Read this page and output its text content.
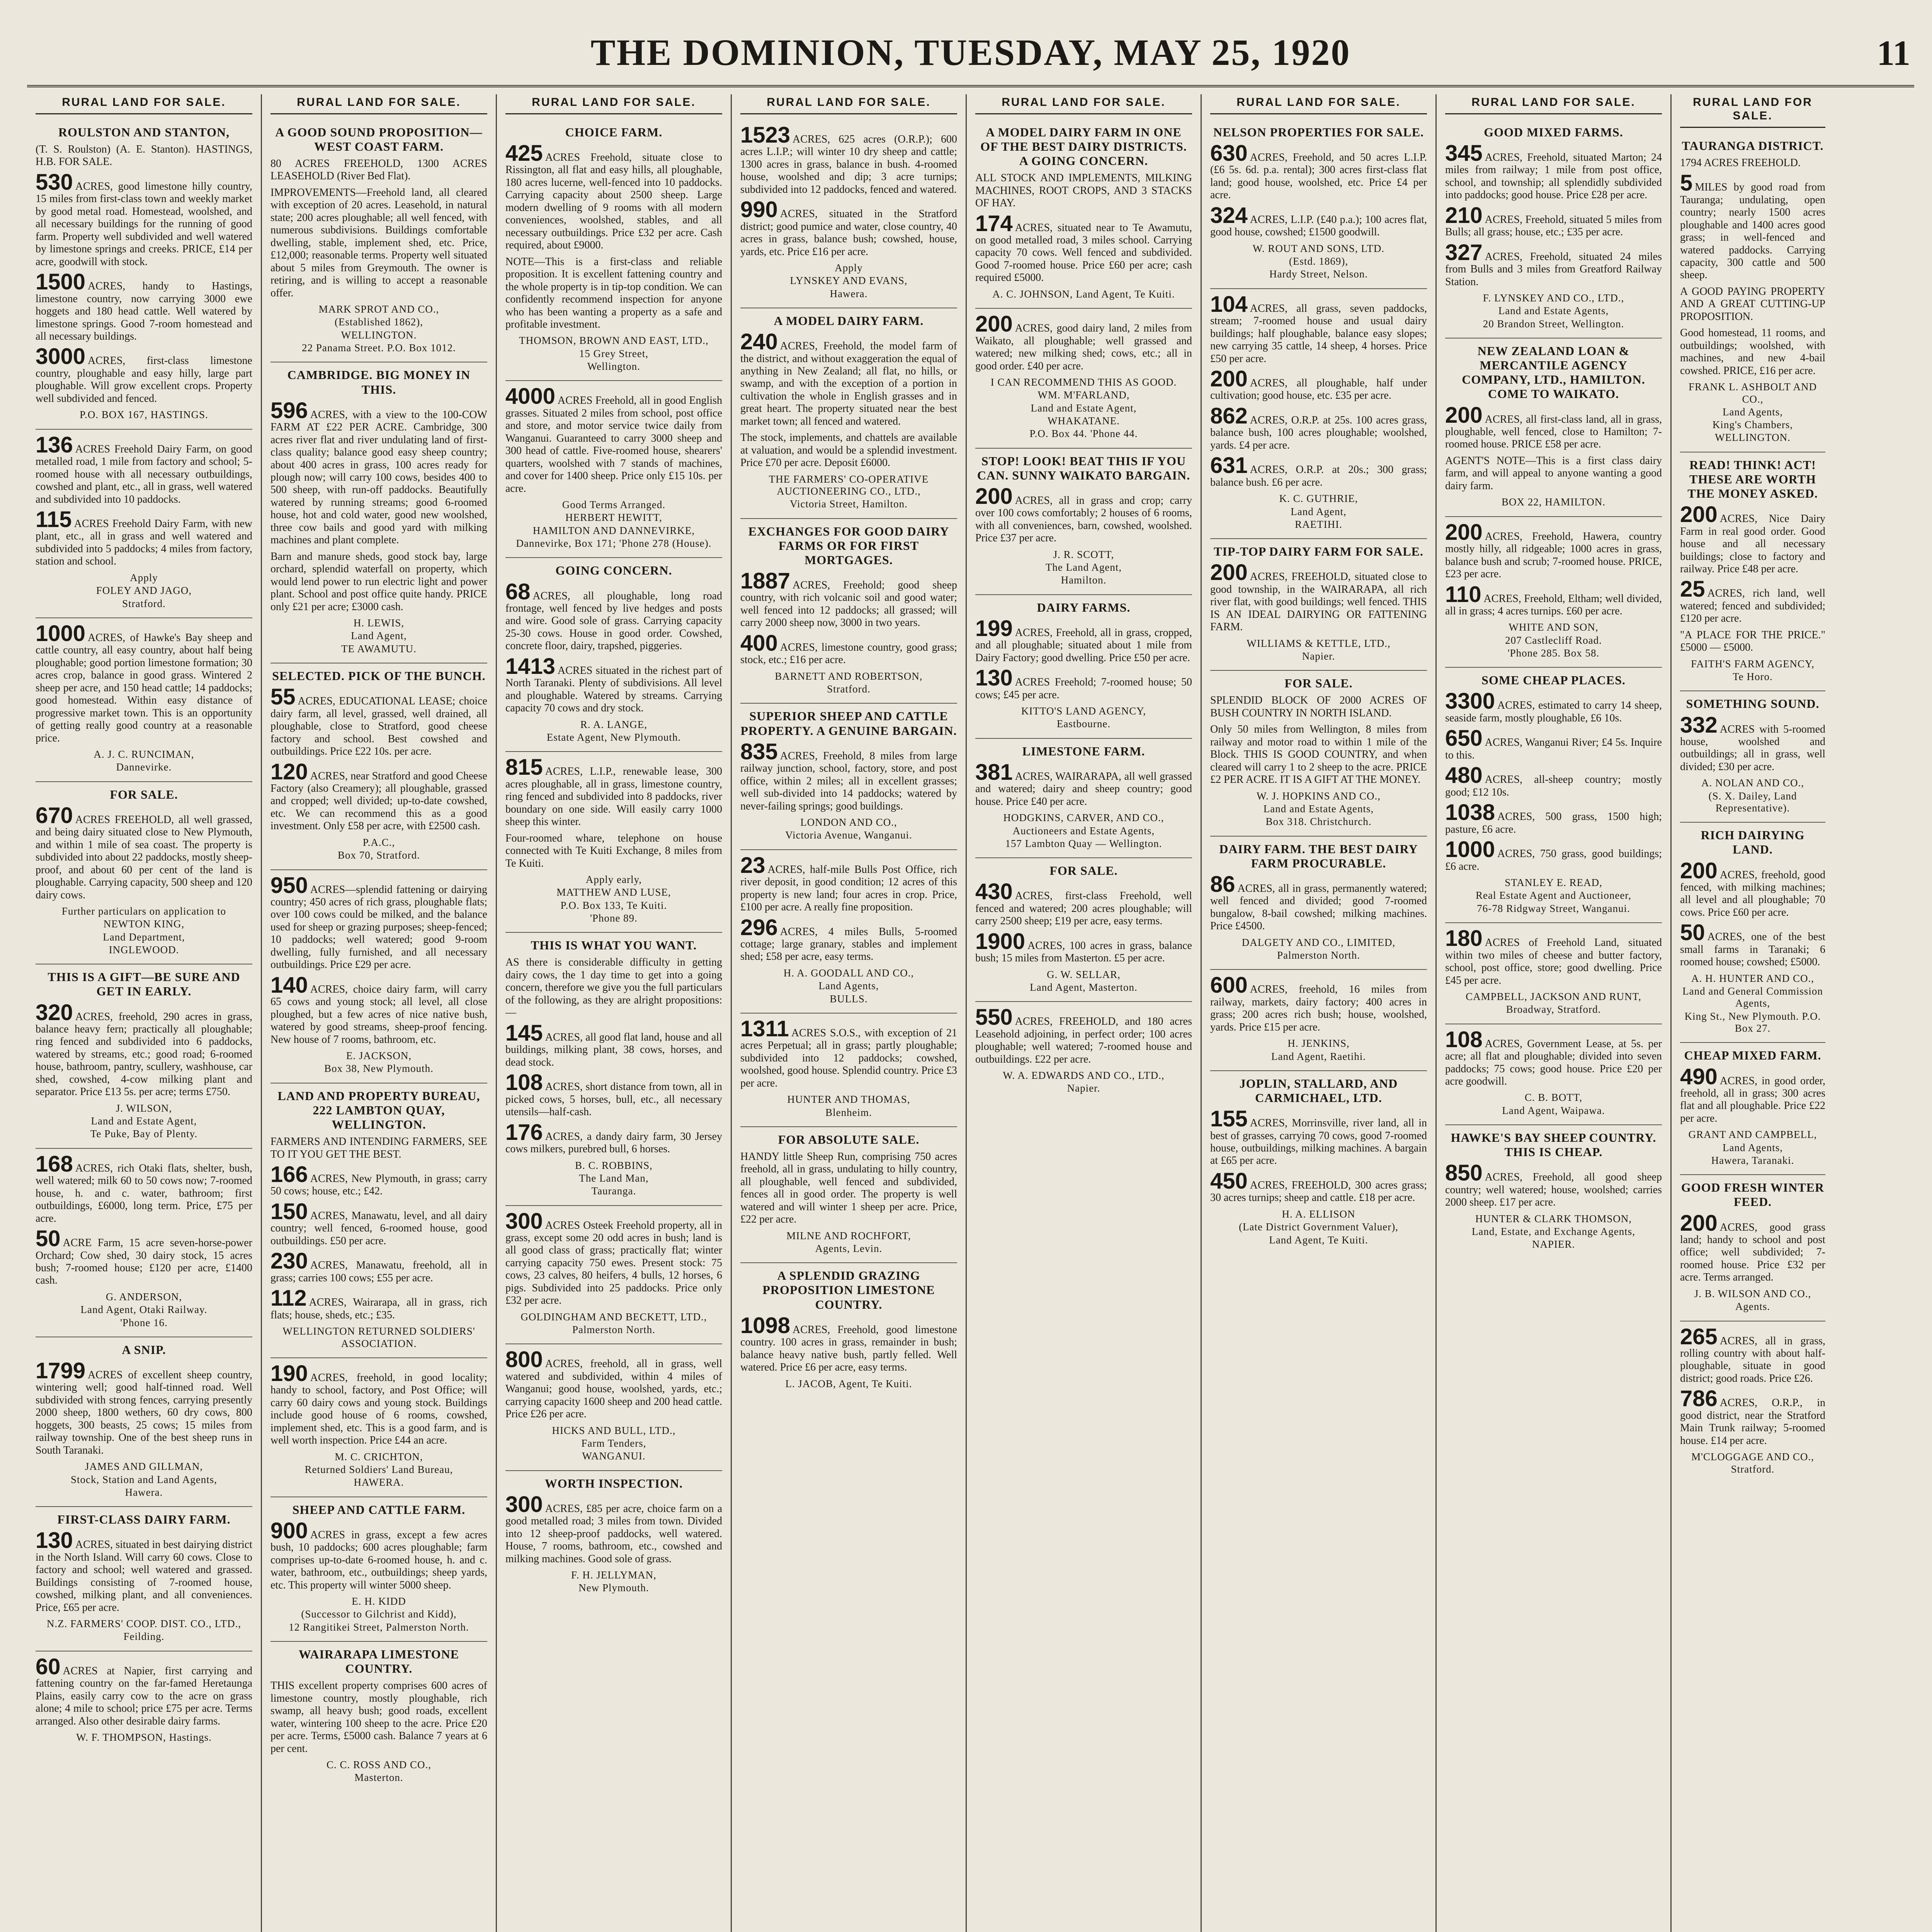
THE DOMINION, TUESDAY, MAY 25, 1920	11
RURAL LAND FOR SALE.
ROULSTON AND STANTON,

(T. S. Roulston) (A. E. Stanton). HASTINGS, H.B. FOR SALE.

530 ACRES, good limestone hilly country, 15 miles from first-class town and weekly market by good metal road. Homestead, woolshed, and all necessary buildings for the running of good farm. Property well subdivided and well watered by limestone springs and creeks. PRICE, £14 per acre, goodwill with stock.

1500 ACRES, handy to Hastings, limestone country, now carrying 3000 ewe hoggets and 180 head cattle. Well watered by limestone springs. Good 7-room homestead and all necessary buildings.

3000 ACRES, first-class limestone country, ploughable and easy hilly, large part ploughable. Will grow excellent crops. Property well subdivided and fenced.

P.O. BOX 167, HASTINGS.

136 ACRES Freehold Dairy Farm, on good metalled road, 1 mile from factory and school; 5-roomed house with all necessary outbuildings, cowshed and plant, etc., all in grass, well watered and subdivided into 10 paddocks.

115 ACRES Freehold Dairy Farm, with new plant, etc., all in grass and well watered and subdivided into 5 paddocks; 4 miles from factory, station and school.

Apply
FOLEY AND JAGO,
Stratford.

1000 ACRES, of Hawke's Bay sheep and cattle country, all easy country, about half being ploughable; good portion limestone formation; 30 acres crop, balance in good grass. Wintered 2 sheep per acre, and 150 head cattle; 14 paddocks; good homestead. Within easy distance of progressive market town. This is an opportunity of getting really good country at a reasonable price.

A. J. C. RUNCIMAN,
Dannevirke.
FOR SALE.

670 ACRES FREEHOLD, all well grassed, and being dairy situated close to New Plymouth, and within 1 mile of sea coast. The property is subdivided into about 22 paddocks, mostly sheep-proof, and about 60 per cent of the land is ploughable. Carrying capacity, 500 sheep and 120 dairy cows.

Further particulars on application to
NEWTON KING,
Land Department,
INGLEWOOD.
THIS IS A GIFT—BE SURE AND GET IN EARLY.

320 ACRES, freehold, 290 acres in grass, balance heavy fern; practically all ploughable; ring fenced and subdivided into 6 paddocks, watered by streams, etc.; good road; 6-roomed house, bathroom, pantry, scullery, washhouse, car shed, cowshed, 4-cow milking plant and separator. Price £13 5s. per acre; terms £750.

J. WILSON,
Land and Estate Agent,
Te Puke, Bay of Plenty.

168 ACRES, rich Otaki flats, shelter, bush, well watered; milk 60 to 50 cows now; 7-roomed house, h. and c. water, bathroom; first outbuildings, £6000, long term. Price, £75 per acre.

50 ACRE Farm, 15 acre seven-horse-power Orchard; Cow shed, 30 dairy stock, 15 acres bush; 7-roomed house; £120 per acre, £1400 cash.

G. ANDERSON,
Land Agent, Otaki Railway.
'Phone 16.
A SNIP.

1799 ACRES of excellent sheep country, wintering well; good half-tinned road. Well subdivided with strong fences, carrying presently 2000 sheep, 1800 wethers, 60 dry cows, 800 hoggets, 300 beasts, 25 cows; 15 miles from railway township. One of the best sheep runs in South Taranaki.

JAMES AND GILLMAN,
Stock, Station and Land Agents,
Hawera.
FIRST-CLASS DAIRY FARM.

130 ACRES, situated in best dairying district in the North Island. Will carry 60 cows. Close to factory and school; well watered and grassed. Buildings consisting of 7-roomed house, cowshed, milking plant, and all conveniences. Price, £65 per acre.

N.Z. FARMERS' COOP. DIST. CO., LTD.,
Feilding.

60 ACRES at Napier, first carrying and fattening country on the far-famed Heretaunga Plains, easily carry cow to the acre on grass alone; 4 mile to school; price £75 per acre. Terms arranged. Also other desirable dairy farms.

W. F. THOMPSON, Hastings.
RURAL LAND FOR SALE.
A GOOD SOUND PROPOSITION—WEST COAST FARM.

80 ACRES FREEHOLD, 1300 ACRES LEASEHOLD (River Bed Flat).

IMPROVEMENTS—Freehold land, all cleared with exception of 20 acres. Leasehold, in natural state; 200 acres ploughable; all well fenced, with numerous subdivisions. Buildings comfortable dwelling, stable, implement shed, etc. Price, £12,000; reasonable terms. Property well situated about 5 miles from Greymouth. The owner is retiring, and is willing to accept a reasonable offer.

MARK SPROT AND CO.,
(Established 1862),
WELLINGTON.
22 Panama Street. P.O. Box 1012.
CAMBRIDGE. BIG MONEY IN THIS.

596 ACRES, with a view to the 100-COW FARM AT £22 PER ACRE. Cambridge, 300 acres river flat and river undulating land of first-class quality; balance good easy sheep country; about 400 acres in grass, 100 acres ready for plough now; will carry 100 cows, besides 400 to 500 sheep, with run-off paddocks. Beautifully watered by running streams; good 6-roomed house, hot and cold water, good new woolshed, three cow bails and good yard with milking machines and plant complete.

Barn and manure sheds, good stock bay, large orchard, splendid waterfall on property, which would lend power to run electric light and power plant. School and post office quite handy. PRICE only £21 per acre; £3000 cash.

H. LEWIS,
Land Agent,
TE AWAMUTU.
SELECTED. PICK OF THE BUNCH.

55 ACRES, EDUCATIONAL LEASE; choice dairy farm, all level, grassed, well drained, all ploughable, close to Stratford, good cheese factory and school. Best cowshed and outbuildings. Price £22 10s. per acre.

120 ACRES, near Stratford and good Cheese Factory (also Creamery); all ploughable, grassed and cropped; well divided; up-to-date cowshed, etc. We can recommend this as a good investment. Only £58 per acre, with £2500 cash.

P.A.C.,
Box 70, Stratford.

950 ACRES—splendid fattening or dairying country; 450 acres of rich grass, ploughable flats; over 100 cows could be milked, and the balance used for sheep or grazing purposes; sheep-fenced; 10 paddocks; well watered; good 9-room dwelling, fully furnished, and all necessary outbuildings. Price £29 per acre.

140 ACRES, choice dairy farm, will carry 65 cows and young stock; all level, all close ploughed, but a few acres of nice native bush, watered by good streams, sheep-proof fencing. New house of 7 rooms, bathroom, etc.

E. JACKSON,
Box 38, New Plymouth.
LAND AND PROPERTY BUREAU, 222 LAMBTON QUAY, WELLINGTON.

FARMERS AND INTENDING FARMERS, SEE TO IT YOU GET THE BEST.

166 ACRES, New Plymouth, in grass; carry 50 cows; house, etc.; £42.

150 ACRES, Manawatu, level, and all dairy country; well fenced, 6-roomed house, good outbuildings. £50 per acre.

230 ACRES, Manawatu, freehold, all in grass; carries 100 cows; £55 per acre.

112 ACRES, Wairarapa, all in grass, rich flats; house, sheds, etc.; £35.

WELLINGTON RETURNED SOLDIERS' ASSOCIATION.

190 ACRES, freehold, in good locality; handy to school, factory, and Post Office; will carry 60 dairy cows and young stock. Buildings include good house of 6 rooms, cowshed, implement shed, etc. This is a good farm, and is well worth inspection. Price £44 an acre.

M. C. CRICHTON,
Returned Soldiers' Land Bureau,
HAWERA.
SHEEP AND CATTLE FARM.

900 ACRES in grass, except a few acres bush, 10 paddocks; 600 acres ploughable; farm comprises up-to-date 6-roomed house, h. and c. water, bathroom, etc., outbuildings; sheep yards, etc. This property will winter 5000 sheep.

E. H. KIDD
(Successor to Gilchrist and Kidd),
12 Rangitikei Street, Palmerston North.
WAIRARAPA LIMESTONE COUNTRY.

THIS excellent property comprises 600 acres of limestone country, mostly ploughable, rich swamp, all heavy bush; good roads, excellent water, wintering 100 sheep to the acre. Price £20 per acre. Terms, £5000 cash. Balance 7 years at 6 per cent.

C. C. ROSS AND CO.,
Masterton.
RURAL LAND FOR SALE.
CHOICE FARM.

425 ACRES Freehold, situate close to Rissington, all flat and easy hills, all ploughable, 180 acres lucerne, well-fenced into 10 paddocks. Carrying capacity about 2500 sheep. Large modern dwelling of 9 rooms with all modern conveniences, woolshed, stables, and all necessary outbuildings. Price £32 per acre. Cash required, about £9000.

NOTE—This is a first-class and reliable proposition. It is excellent fattening country and the whole property is in tip-top condition. We can confidently recommend inspection for anyone who has been wanting a property as a safe and profitable investment.

THOMSON, BROWN AND EAST, LTD.,
15 Grey Street,
Wellington.

4000 ACRES Freehold, all in good English grasses. Situated 2 miles from school, post office and store, and motor service twice daily from Wanganui. Guaranteed to carry 3000 sheep and 300 head of cattle. Five-roomed house, shearers' quarters, woolshed with 7 stands of machines, and cover for 1400 sheep. Price only £15 10s. per acre.

Good Terms Arranged.
HERBERT HEWITT,
HAMILTON AND DANNEVIRKE,
Dannevirke, Box 171; 'Phone 278 (House).
GOING CONCERN.

68 ACRES, all ploughable, long road frontage, well fenced by live hedges and posts and wire. Good sole of grass. Carrying capacity 25-30 cows. House in good order. Cowshed, concrete floor, dairy, trapshed, piggeries.

1413 ACRES situated in the richest part of North Taranaki. Plenty of subdivisions. All level and ploughable. Watered by streams. Carrying capacity 70 cows and dry stock.

R. A. LANGE,
Estate Agent, New Plymouth.

815 ACRES, L.I.P., renewable lease, 300 acres ploughable, all in grass, limestone country, ring fenced and subdivided into 8 paddocks, river boundary on one side. Will easily carry 1000 sheep this winter.

Four-roomed whare, telephone on house connected with Te Kuiti Exchange, 8 miles from Te Kuiti.

Apply early,
MATTHEW AND LUSE,
P.O. Box 133, Te Kuiti.
'Phone 89.
THIS IS WHAT YOU WANT.

AS there is considerable difficulty in getting dairy cows, the 1 day time to get into a going concern, therefore we give you the full particulars of the following, as they are alright propositions:—

145 ACRES, all good flat land, house and all buildings, milking plant, 38 cows, horses, and dead stock.

108 ACRES, short distance from town, all in picked cows, 5 horses, bull, etc., all necessary utensils—half-cash.

176 ACRES, a dandy dairy farm, 30 Jersey cows milkers, purebred bull, 6 horses.

B. C. ROBBINS,
The Land Man,
Tauranga.

300 ACRES Osteek Freehold property, all in grass, except some 20 odd acres in bush; land is all good class of grass; practically flat; winter carrying capacity 750 ewes. Present stock: 75 cows, 23 calves, 80 heifers, 4 bulls, 12 horses, 6 pigs. Subdivided into 25 paddocks. Price only £32 per acre.

GOLDINGHAM AND BECKETT, LTD.,
Palmerston North.

800 ACRES, freehold, all in grass, well watered and subdivided, within 4 miles of Wanganui; good house, woolshed, yards, etc.; carrying capacity 1600 sheep and 200 head cattle. Price £26 per acre.

HICKS AND BULL, LTD.,
Farm Tenders,
WANGANUI.
WORTH INSPECTION.

300 ACRES, £85 per acre, choice farm on a good metalled road; 3 miles from town. Divided into 12 sheep-proof paddocks, well watered. House, 7 rooms, bathroom, etc., cowshed and milking machines. Good sole of grass.

F. H. JELLYMAN,
New Plymouth.
RURAL LAND FOR SALE.

1523 ACRES, 625 acres (O.R.P.); 600 acres L.I.P.; will winter 10 dry sheep and cattle; 1300 acres in grass, balance in bush. 4-roomed house, woolshed and dip; 3 acre turnips; subdivided into 12 paddocks, fenced and watered.

990 ACRES, situated in the Stratford district; good pumice and water, close country, 40 acres in grass, balance bush; cowshed, house, yards, etc. Price £16 per acre.

Apply
LYNSKEY AND EVANS,
Hawera.
A MODEL DAIRY FARM.

240 ACRES, Freehold, the model farm of the district, and without exaggeration the equal of anything in New Zealand; all flat, no hills, or swamp, and with the exception of a portion in cultivation the whole in English grasses and in great heart. The property situated near the best market town; all fenced and watered.

The stock, implements, and chattels are available at valuation, and would be a splendid investment. Price £70 per acre. Deposit £6000.

THE FARMERS' CO-OPERATIVE AUCTIONEERING CO., LTD.,
Victoria Street, Hamilton.
EXCHANGES FOR GOOD DAIRY FARMS OR FOR FIRST MORTGAGES.

1887 ACRES, Freehold; good sheep country, with rich volcanic soil and good water; well fenced into 12 paddocks; all grassed; will carry 2000 sheep now, 3000 in two years.

400 ACRES, limestone country, good grass; stock, etc.; £16 per acre.

BARNETT AND ROBERTSON,
Stratford.
SUPERIOR SHEEP AND CATTLE PROPERTY. A GENUINE BARGAIN.

835 ACRES, Freehold, 8 miles from large railway junction, school, factory, store, and post office, within 2 miles; all in excellent grasses; well sub-divided into 14 paddocks; watered by never-failing springs; good buildings.

LONDON AND CO.,
Victoria Avenue, Wanganui.

23 ACRES, half-mile Bulls Post Office, rich river deposit, in good condition; 12 acres of this property is new land; four acres in crop. Price, £100 per acre. A really fine proposition.

296 ACRES, 4 miles Bulls, 5-roomed cottage; large granary, stables and implement shed; £58 per acre, easy terms.

H. A. GOODALL AND CO.,
Land Agents,
BULLS.

1311 ACRES S.O.S., with exception of 21 acres Perpetual; all in grass; partly ploughable; subdivided into 12 paddocks; cowshed, woolshed, good house. Splendid country. Price £3 per acre.

HUNTER AND THOMAS,
Blenheim.
FOR ABSOLUTE SALE.

HANDY little Sheep Run, comprising 750 acres freehold, all in grass, undulating to hilly country, all ploughable, well fenced and subdivided, fences all in good order. The property is well watered and will winter 1 sheep per acre. Price, £22 per acre.

MILNE AND ROCHFORT,
Agents, Levin.
A SPLENDID GRAZING PROPOSITION LIMESTONE COUNTRY.

1098 ACRES, Freehold, good limestone country. 100 acres in grass, remainder in bush; balance heavy native bush, partly felled. Well watered. Price £6 per acre, easy terms.

L. JACOB, Agent, Te Kuiti.
RURAL LAND FOR SALE.
A MODEL DAIRY FARM IN ONE OF THE BEST DAIRY DISTRICTS. A GOING CONCERN.

ALL STOCK AND IMPLEMENTS, MILKING MACHINES, ROOT CROPS, AND 3 STACKS OF HAY.

174 ACRES, situated near to Te Awamutu, on good metalled road, 3 miles school. Carrying capacity 70 cows. Well fenced and subdivided. Good 7-roomed house. Price £60 per acre; cash required £5000.

A. C. JOHNSON, Land Agent, Te Kuiti.

200 ACRES, good dairy land, 2 miles from Waikato, all ploughable; well grassed and watered; new milking shed; cows, etc.; all in good order. £40 per acre.

I CAN RECOMMEND THIS AS GOOD.
WM. M'FARLAND,
Land and Estate Agent,
WHAKATANE.
P.O. Box 44. 'Phone 44.
STOP! LOOK! BEAT THIS IF YOU CAN. SUNNY WAIKATO BARGAIN.

200 ACRES, all in grass and crop; carry over 100 cows comfortably; 2 houses of 6 rooms, with all conveniences, barn, cowshed, woolshed. Price £37 per acre.

J. R. SCOTT,
The Land Agent,
Hamilton.
DAIRY FARMS.

199 ACRES, Freehold, all in grass, cropped, and all ploughable; situated about 1 mile from Dairy Factory; good dwelling. Price £50 per acre.

130 ACRES Freehold; 7-roomed house; 50 cows; £45 per acre.

KITTO'S LAND AGENCY,
Eastbourne.
LIMESTONE FARM.

381 ACRES, WAIRARAPA, all well grassed and watered; dairy and sheep country; good house. Price £40 per acre.

HODGKINS, CARVER, AND CO.,
Auctioneers and Estate Agents,
157 Lambton Quay — Wellington.
FOR SALE.

430 ACRES, first-class Freehold, well fenced and watered; 200 acres ploughable; will carry 2500 sheep; £19 per acre, easy terms.

1900 ACRES, 100 acres in grass, balance bush; 15 miles from Masterton. £5 per acre.

G. W. SELLAR,
Land Agent, Masterton.

550 ACRES, FREEHOLD, and 180 acres Leasehold adjoining, in perfect order; 100 acres ploughable; well watered; 7-roomed house and outbuildings. £22 per acre.

W. A. EDWARDS AND CO., LTD.,
Napier.
RURAL LAND FOR SALE.
NELSON PROPERTIES FOR SALE.

630 ACRES, Freehold, and 50 acres L.I.P. (£6 5s. 6d. p.a. rental); 300 acres first-class flat land; good house, woolshed, etc. Price £4 per acre.

324 ACRES, L.I.P. (£40 p.a.); 100 acres flat, good house, cowshed; £1500 goodwill.

W. ROUT AND SONS, LTD.
(Estd. 1869),
Hardy Street, Nelson.

104 ACRES, all grass, seven paddocks, stream; 7-roomed house and usual dairy buildings; half ploughable, balance easy slopes; new carrying 35 cattle, 14 sheep, 4 horses. Price £50 per acre.

200 ACRES, all ploughable, half under cultivation; good house, etc. £35 per acre.

862 ACRES, O.R.P. at 25s. 100 acres grass, balance bush, 100 acres ploughable; woolshed, yards. £4 per acre.

631 ACRES, O.R.P. at 20s.; 300 grass; balance bush. £6 per acre.

K. C. GUTHRIE,
Land Agent,
RAETIHI.
TIP-TOP DAIRY FARM FOR SALE.

200 ACRES, FREEHOLD, situated close to good township, in the WAIRARAPA, all rich river flat, with good buildings; well fenced. THIS IS AN IDEAL DAIRYING OR FATTENING FARM.

WILLIAMS & KETTLE, LTD.,
Napier.
FOR SALE.

SPLENDID BLOCK OF 2000 ACRES OF BUSH COUNTRY IN NORTH ISLAND.

Only 50 miles from Wellington, 8 miles from railway and motor road to within 1 mile of the Block. THIS IS GOOD COUNTRY, and when cleared will carry 1 to 2 sheep to the acre. PRICE £2 PER ACRE. IT IS A GIFT AT THE MONEY.

W. J. HOPKINS AND CO.,
Land and Estate Agents,
Box 318. Christchurch.
DAIRY FARM. THE BEST DAIRY FARM PROCURABLE.

86 ACRES, all in grass, permanently watered; well fenced and divided; good 7-roomed bungalow, 8-bail cowshed; milking machines. Price £4500.

DALGETY AND CO., LIMITED,
Palmerston North.

600 ACRES, freehold, 16 miles from railway, markets, dairy factory; 400 acres in grass; 200 acres rich bush; house, woolshed, yards. Price £15 per acre.

H. JENKINS,
Land Agent, Raetihi.
JOPLIN, STALLARD, AND CARMICHAEL, LTD.

155 ACRES, Morrinsville, river land, all in best of grasses, carrying 70 cows, good 7-roomed house, outbuildings, milking machines. A bargain at £65 per acre.

450 ACRES, FREEHOLD, 300 acres grass; 30 acres turnips; sheep and cattle. £18 per acre.

H. A. ELLISON
(Late District Government Valuer),
Land Agent, Te Kuiti.
RURAL LAND FOR SALE.
GOOD MIXED FARMS.

345 ACRES, Freehold, situated Marton; 24 miles from railway; 1 mile from post office, school, and township; all splendidly subdivided into paddocks; good house. Price £28 per acre.

210 ACRES, Freehold, situated 5 miles from Bulls; all grass; house, etc.; £35 per acre.

327 ACRES, Freehold, situated 24 miles from Bulls and 3 miles from Greatford Railway Station.

F. LYNSKEY AND CO., LTD.,
Land and Estate Agents,
20 Brandon Street, Wellington.
NEW ZEALAND LOAN & MERCANTILE AGENCY COMPANY, LTD., HAMILTON. COME TO WAIKATO.

200 ACRES, all first-class land, all in grass, ploughable, well fenced, close to Hamilton; 7-roomed house. PRICE £58 per acre.

AGENT'S NOTE—This is a first class dairy farm, and will appeal to anyone wanting a good dairy farm.

BOX 22, HAMILTON.

200 ACRES, Freehold, Hawera, country mostly hilly, all ridgeable; 1000 acres in grass, balance bush and scrub; 7-roomed house. PRICE, £23 per acre.

110 ACRES, Freehold, Eltham; well divided, all in grass; 4 acres turnips. £60 per acre.

WHITE AND SON,
207 Castlecliff Road.
'Phone 285. Box 58.
SOME CHEAP PLACES.

3300 ACRES, estimated to carry 14 sheep, seaside farm, mostly ploughable, £6 10s.

650 ACRES, Wanganui River; £4 5s. Inquire to this.

480 ACRES, all-sheep country; mostly good; £12 10s.

1038 ACRES, 500 grass, 1500 high; pasture, £6 acre.

1000 ACRES, 750 grass, good buildings; £6 acre.

STANLEY E. READ,
Real Estate Agent and Auctioneer,
76-78 Ridgway Street, Wanganui.

180 ACRES of Freehold Land, situated within two miles of cheese and butter factory, school, post office, store; good dwelling. Price £45 per acre.

CAMPBELL, JACKSON AND RUNT,
Broadway, Stratford.

108 ACRES, Government Lease, at 5s. per acre; all flat and ploughable; divided into seven paddocks; 75 cows; good house. Price £20 per acre goodwill.

C. B. BOTT,
Land Agent, Waipawa.
HAWKE'S BAY SHEEP COUNTRY. THIS IS CHEAP.

850 ACRES, Freehold, all good sheep country; well watered; house, woolshed; carries 2000 sheep. £17 per acre.

HUNTER & CLARK THOMSON,
Land, Estate, and Exchange Agents,
NAPIER.
RURAL LAND FOR SALE.
TAURANGA DISTRICT.

1794 ACRES FREEHOLD.

5 MILES by good road from Tauranga; undulating, open country; nearly 1500 acres ploughable and 1400 acres good grass; in well-fenced and watered paddocks. Carrying capacity, 300 cattle and 500 sheep.

A GOOD PAYING PROPERTY AND A GREAT CUTTING-UP PROPOSITION.

Good homestead, 11 rooms, and outbuildings; woolshed, with machines, and new 4-bail cowshed. PRICE, £16 per acre.

FRANK L. ASHBOLT AND CO.,
Land Agents,
King's Chambers,
WELLINGTON.
READ! THINK! ACT! THESE ARE WORTH THE MONEY ASKED.

200 ACRES, Nice Dairy Farm in real good order. Good house and all necessary buildings; close to factory and railway. Price £48 per acre.

25 ACRES, rich land, well watered; fenced and subdivided; £120 per acre.

"A PLACE FOR THE PRICE." £5000 — £5000.

FAITH'S FARM AGENCY,
Te Horo.
SOMETHING SOUND.

332 ACRES with 5-roomed house, woolshed and outbuildings; all in grass, well divided; £30 per acre.

A. NOLAN AND CO.,
(S. X. Dailey, Land Representative).
RICH DAIRYING LAND.

200 ACRES, freehold, good fenced, with milking machines; all level and all ploughable; 70 cows. Price £60 per acre.

50 ACRES, one of the best small farms in Taranaki; 6 roomed house; cowshed; £5000.

A. H. HUNTER AND CO.,
Land and General Commission Agents,
King St., New Plymouth. P.O. Box 27.
CHEAP MIXED FARM.

490 ACRES, in good order, freehold, all in grass; 300 acres flat and all ploughable. Price £22 per acre.

GRANT AND CAMPBELL,
Land Agents,
Hawera, Taranaki.
GOOD FRESH WINTER FEED.

200 ACRES, good grass land; handy to school and post office; well subdivided; 7-roomed house. Price £32 per acre. Terms arranged.

J. B. WILSON AND CO.,
Agents.

265 ACRES, all in grass, rolling country with about half-ploughable, situate in good district; good roads. Price £26.

786 ACRES, O.R.P., in good district, near the Stratford Main Trunk railway; 5-roomed house. £14 per acre.

M'CLOGGAGE AND CO., Stratford.
